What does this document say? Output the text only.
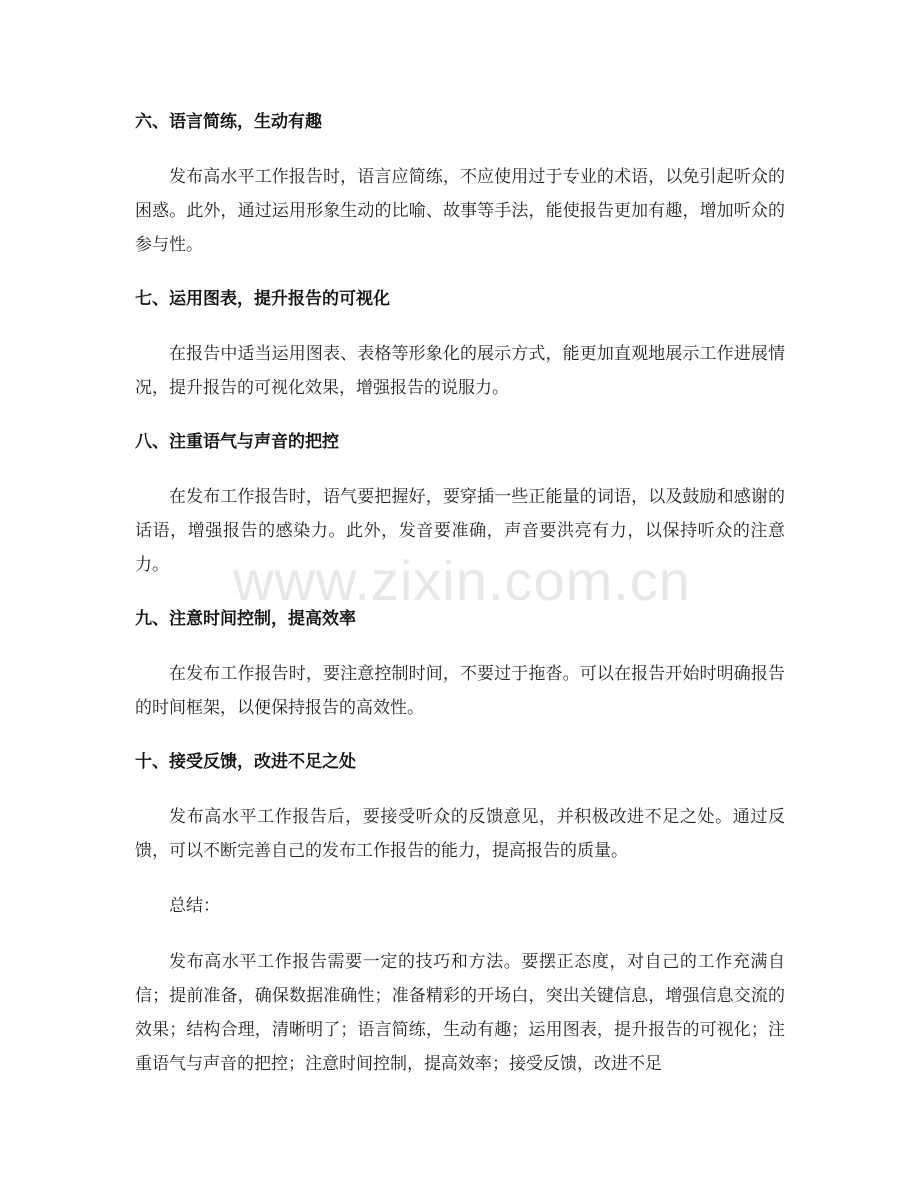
六、语言简练，生动有趣

发布高水平工作报告时，语言应简练，不应使用过于专业的术语，以免引起听众的困惑。此外，通过运用形象生动的比喻、故事等手法，能使报告更加有趣，增加听众的参与性。

七、运用图表，提升报告的可视化

在报告中适当运用图表、表格等形象化的展示方式，能更加直观地展示工作进展情况，提升报告的可视化效果，增强报告的说服力。

八、注重语气与声音的把控

在发布工作报告时，语气要把握好，要穿插一些正能量的词语，以及鼓励和感谢的话语，增强报告的感染力。此外，发音要准确，声音要洪亮有力，以保持听众的注意力。

九、注意时间控制，提高效率

在发布工作报告时，要注意控制时间，不要过于拖沓。可以在报告开始时明确报告的时间框架，以便保持报告的高效性。

十、接受反馈，改进不足之处

发布高水平工作报告后，要接受听众的反馈意见，并积极改进不足之处。通过反馈，可以不断完善自己的发布工作报告的能力，提高报告的质量。

总结：

发布高水平工作报告需要一定的技巧和方法。要摆正态度，对自己的工作充满自信；提前准备，确保数据准确性；准备精彩的开场白，突出关键信息，增强信息交流的效果；结构合理，清晰明了；语言简练，生动有趣；运用图表，提升报告的可视化；注重语气与声音的把控；注意时间控制，提高效率；接受反馈，改进不足

www.zixin.com.cn
